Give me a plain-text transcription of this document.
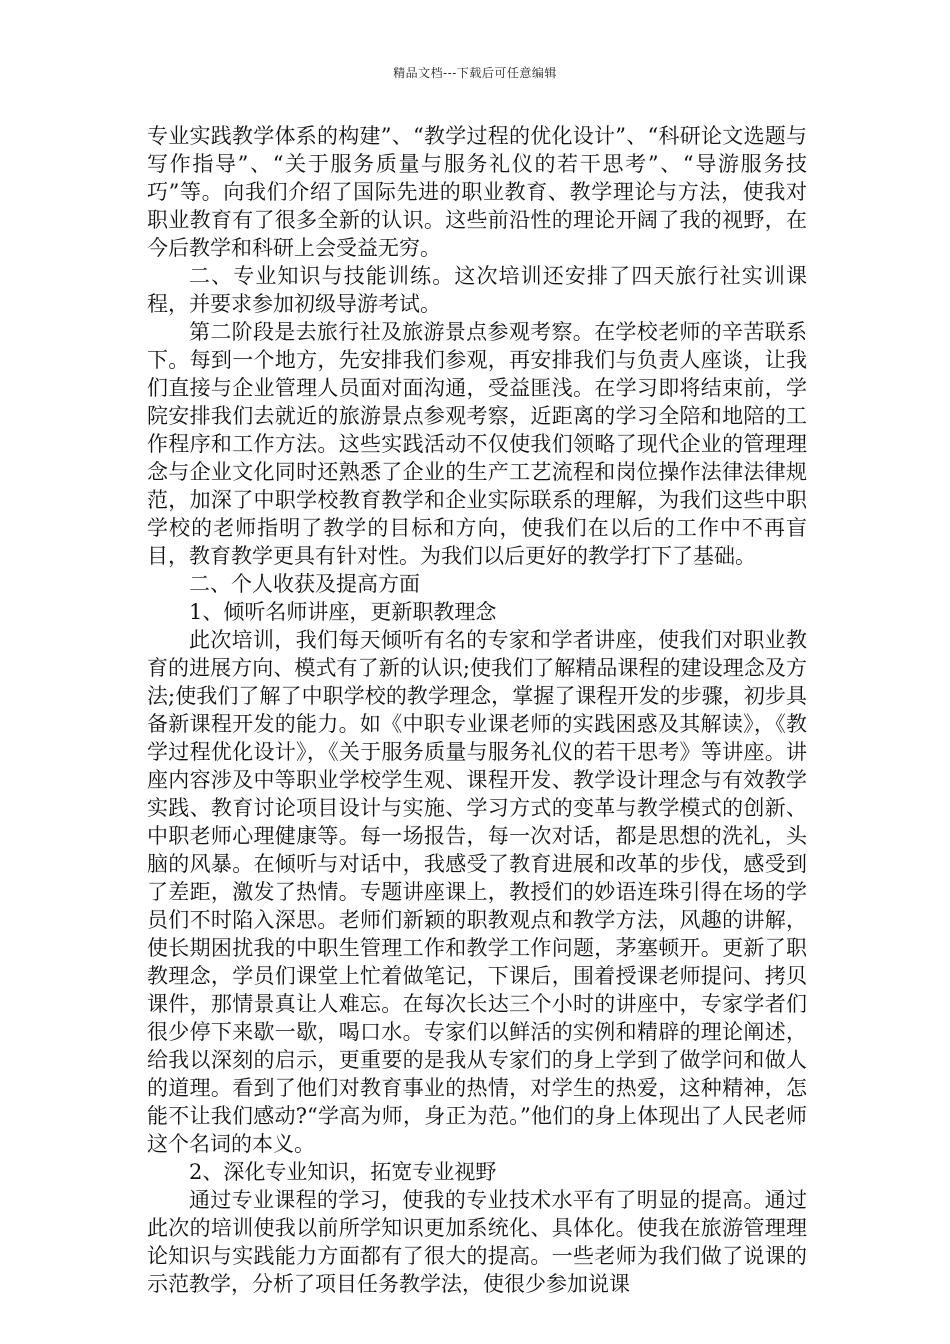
精品文档---下载后可任意编辑

专业实践教学体系的构建”、“教学过程的优化设计”、“科研论文选题与写作指导”、“关于服务质量与服务礼仪的若干思考”、“导游服务技巧”等。向我们介绍了国际先进的职业教育、教学理论与方法，使我对职业教育有了很多全新的认识。这些前沿性的理论开阔了我的视野，在今后教学和科研上会受益无穷。

二、专业知识与技能训练。这次培训还安排了四天旅行社实训课程，并要求参加初级导游考试。

第二阶段是去旅行社及旅游景点参观考察。在学校老师的辛苦联系下。每到一个地方，先安排我们参观，再安排我们与负责人座谈，让我们直接与企业管理人员面对面沟通，受益匪浅。在学习即将结束前，学院安排我们去就近的旅游景点参观考察，近距离的学习全陪和地陪的工作程序和工作方法。这些实践活动不仅使我们领略了现代企业的管理理念与企业文化同时还熟悉了企业的生产工艺流程和岗位操作法律法律规范，加深了中职学校教育教学和企业实际联系的理解，为我们这些中职学校的老师指明了教学的目标和方向，使我们在以后的工作中不再盲目，教育教学更具有针对性。为我们以后更好的教学打下了基础。

二、个人收获及提高方面

1、倾听名师讲座，更新职教理念

此次培训，我们每天倾听有名的专家和学者讲座，使我们对职业教育的进展方向、模式有了新的认识;使我们了解精品课程的建设理念及方法;使我们了解了中职学校的教学理念，掌握了课程开发的步骤，初步具备新课程开发的能力。如《中职专业课老师的实践困惑及其解读》，《教学过程优化设计》，《关于服务质量与服务礼仪的若干思考》等讲座。讲座内容涉及中等职业学校学生观、课程开发、教学设计理念与有效教学实践、教育讨论项目设计与实施、学习方式的变革与教学模式的创新、中职老师心理健康等。每一场报告，每一次对话，都是思想的洗礼，头脑的风暴。在倾听与对话中，我感受了教育进展和改革的步伐，感受到了差距，激发了热情。专题讲座课上，教授们的妙语连珠引得在场的学员们不时陷入深思。老师们新颖的职教观点和教学方法，风趣的讲解，使长期困扰我的中职生管理工作和教学工作问题，茅塞顿开。更新了职教理念，学员们课堂上忙着做笔记，下课后，围着授课老师提问、拷贝课件，那情景真让人难忘。在每次长达三个小时的讲座中，专家学者们很少停下来歇一歇，喝口水。专家们以鲜活的实例和精辟的理论阐述，给我以深刻的启示，更重要的是我从专家们的身上学到了做学问和做人的道理。看到了他们对教育事业的热情，对学生的热爱，这种精神，怎能不让我们感动?“学高为师，身正为范。”他们的身上体现出了人民老师这个名词的本义。

2、深化专业知识，拓宽专业视野

通过专业课程的学习，使我的专业技术水平有了明显的提高。通过此次的培训使我以前所学知识更加系统化、具体化。使我在旅游管理理论知识与实践能力方面都有了很大的提高。一些老师为我们做了说课的示范教学，分析了项目任务教学法，使很少参加说课
